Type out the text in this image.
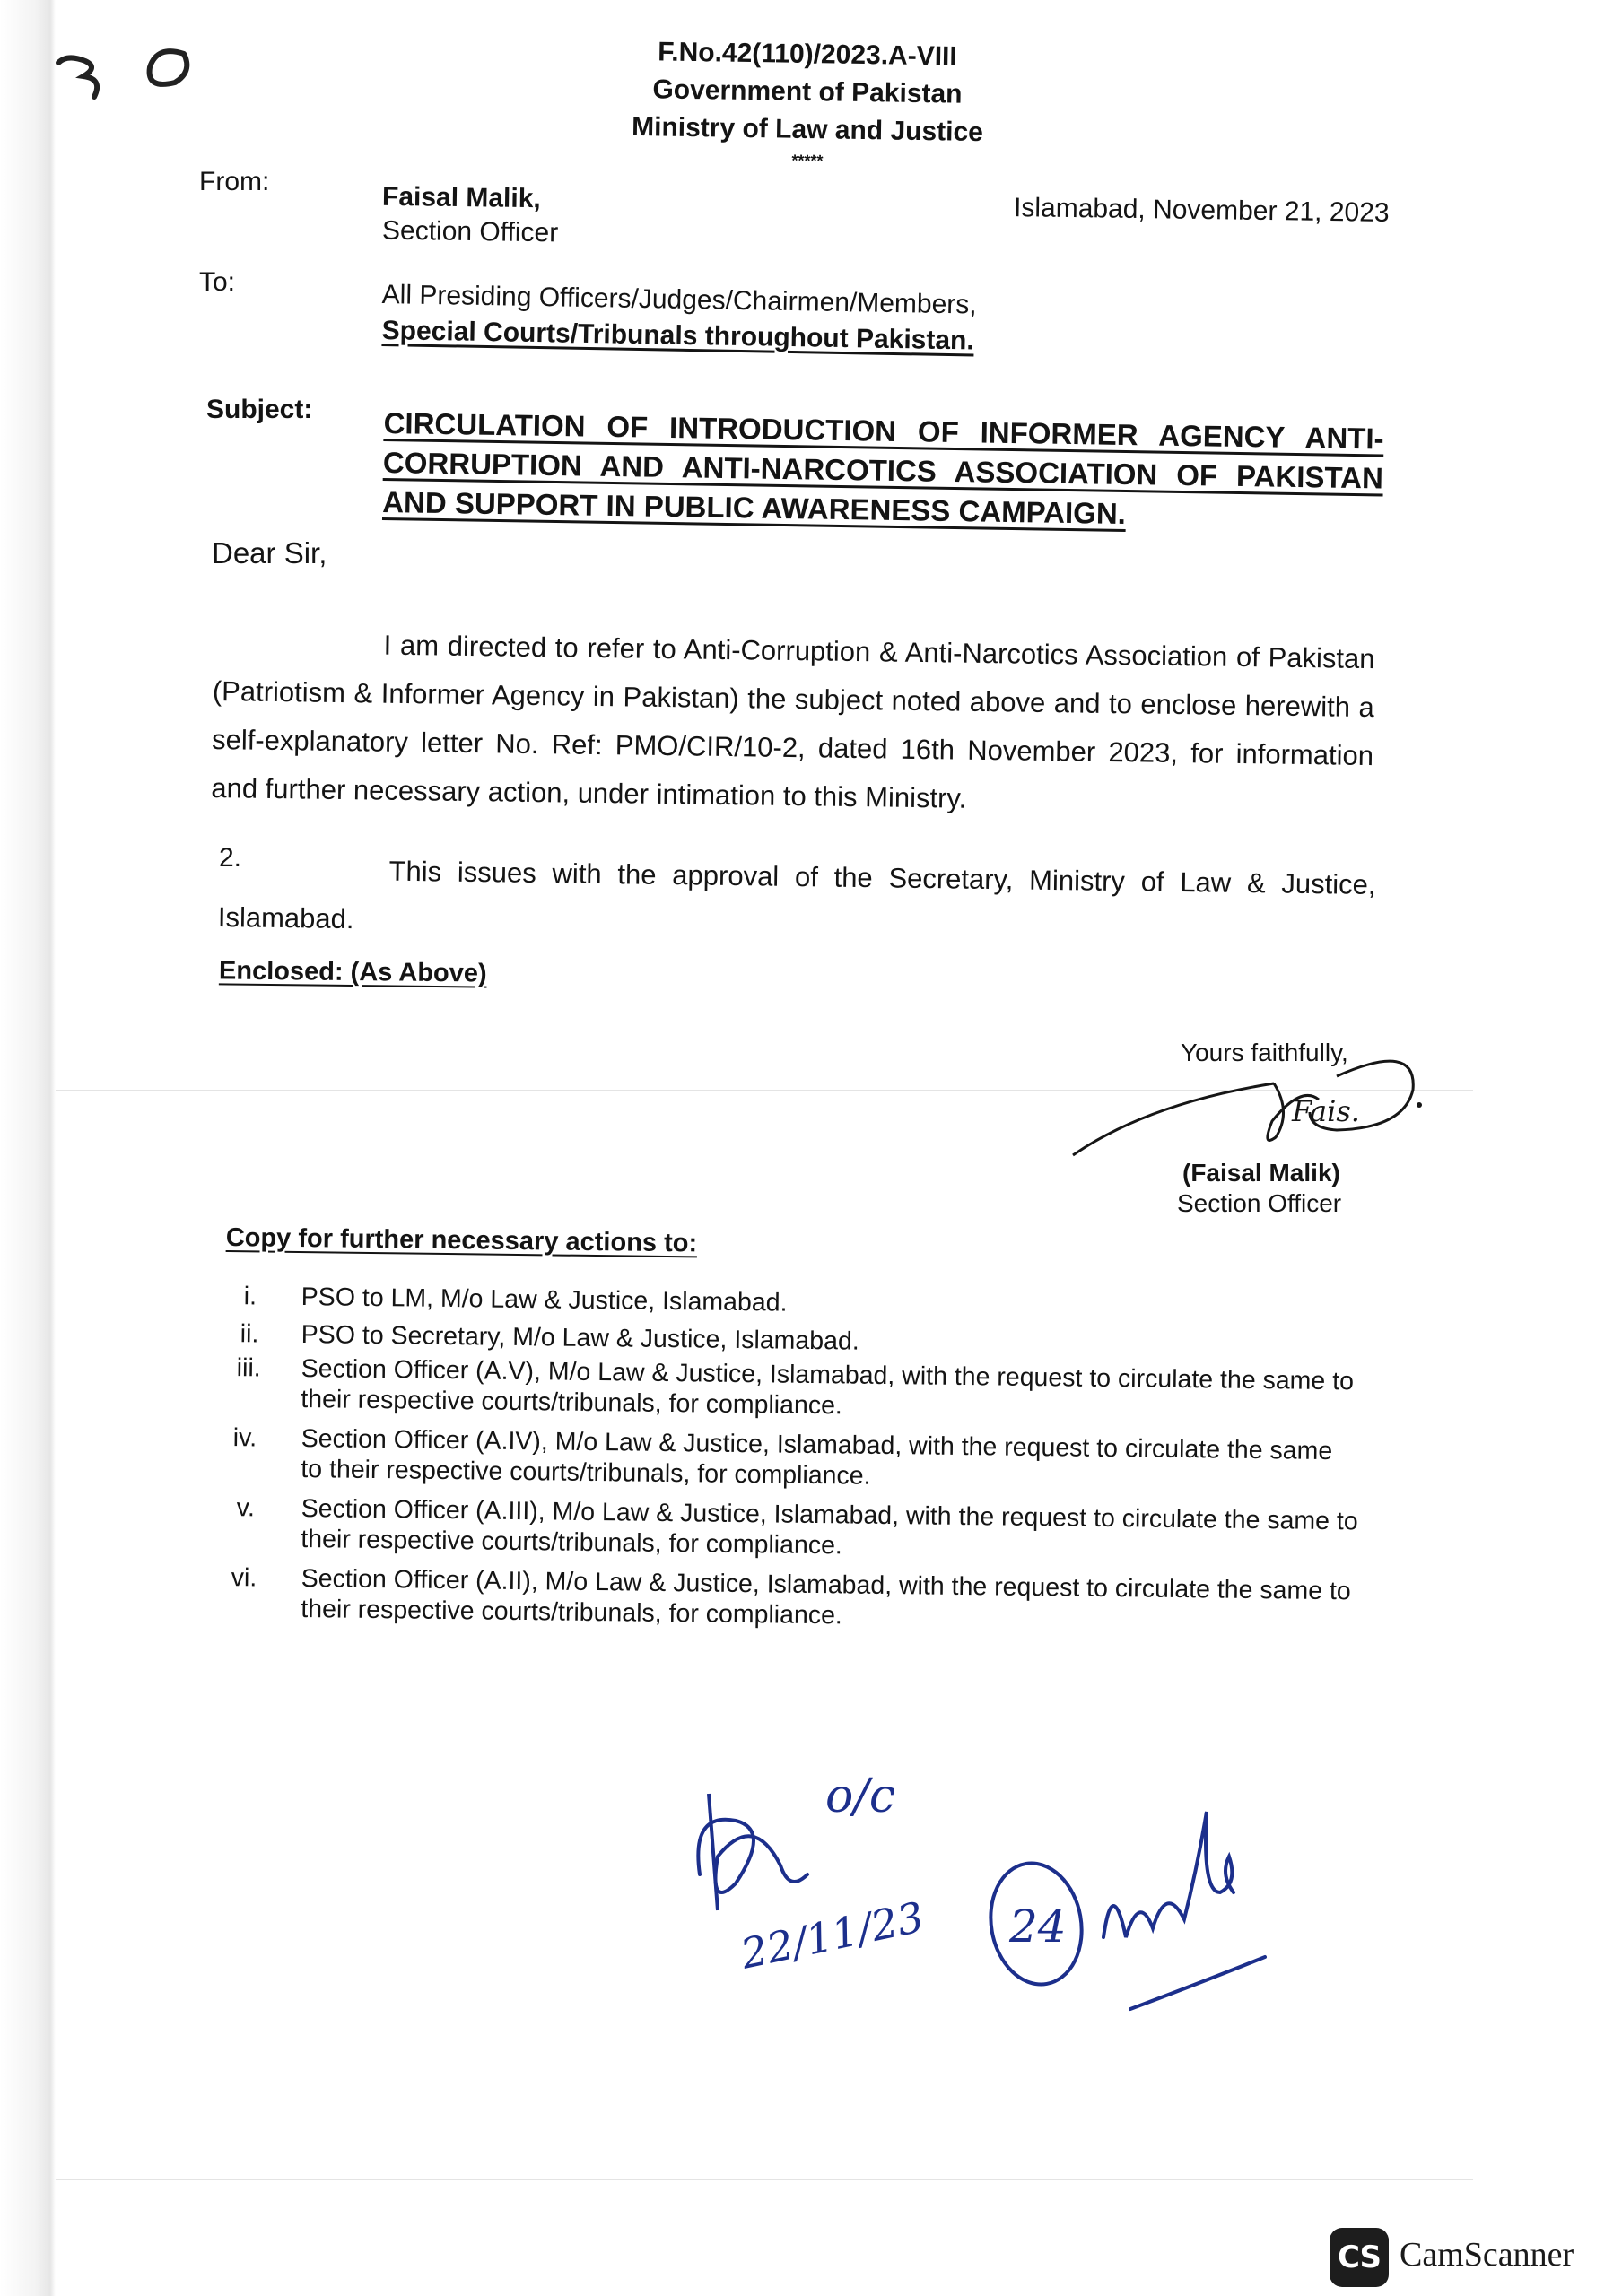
F.No.42(110)/2023.A-VIII
Government of Pakistan
Ministry of Law and Justice
*****
From:
Faisal Malik,
Section Officer
Islamabad, November 21, 2023
To:	All Presiding Officers/Judges/Chairmen/Members,
Special Courts/Tribunals throughout Pakistan.
Subject: CIRCULATION OF INTRODUCTION OF INFORMER AGENCY ANTI-CORRUPTION AND ANTI-NARCOTICS ASSOCIATION OF PAKISTAN AND SUPPORT IN PUBLIC AWARENESS CAMPAIGN.
Dear Sir,
I am directed to refer to Anti-Corruption & Anti-Narcotics Association of Pakistan (Patriotism & Informer Agency in Pakistan) the subject noted above and to enclose herewith a self-explanatory letter No. Ref: PMO/CIR/10-2, dated 16th November 2023, for information and further necessary action, under intimation to this Ministry.
2.	This issues with the approval of the Secretary, Ministry of Law & Justice, Islamabad.
Enclosed: (As Above)
Yours faithfully,
Fais.
(Faisal Malik)
Section Officer
Copy for further necessary actions to:
i.	PSO to LM, M/o Law & Justice, Islamabad.
ii.	PSO to Secretary, M/o Law & Justice, Islamabad.
iii.	Section Officer (A.V), M/o Law & Justice, Islamabad, with the request to circulate the same to their respective courts/tribunals, for compliance.
iv.	Section Officer (A.IV), M/o Law & Justice, Islamabad, with the request to circulate the same to their respective courts/tribunals, for compliance.
v.	Section Officer (A.III), M/o Law & Justice, Islamabad, with the request to circulate the same to their respective courts/tribunals, for compliance.
vi.	Section Officer (A.II), M/o Law & Justice, Islamabad, with the request to circulate the same to their respective courts/tribunals, for compliance.
o/c
22/11/23 24
CS CamScanner
